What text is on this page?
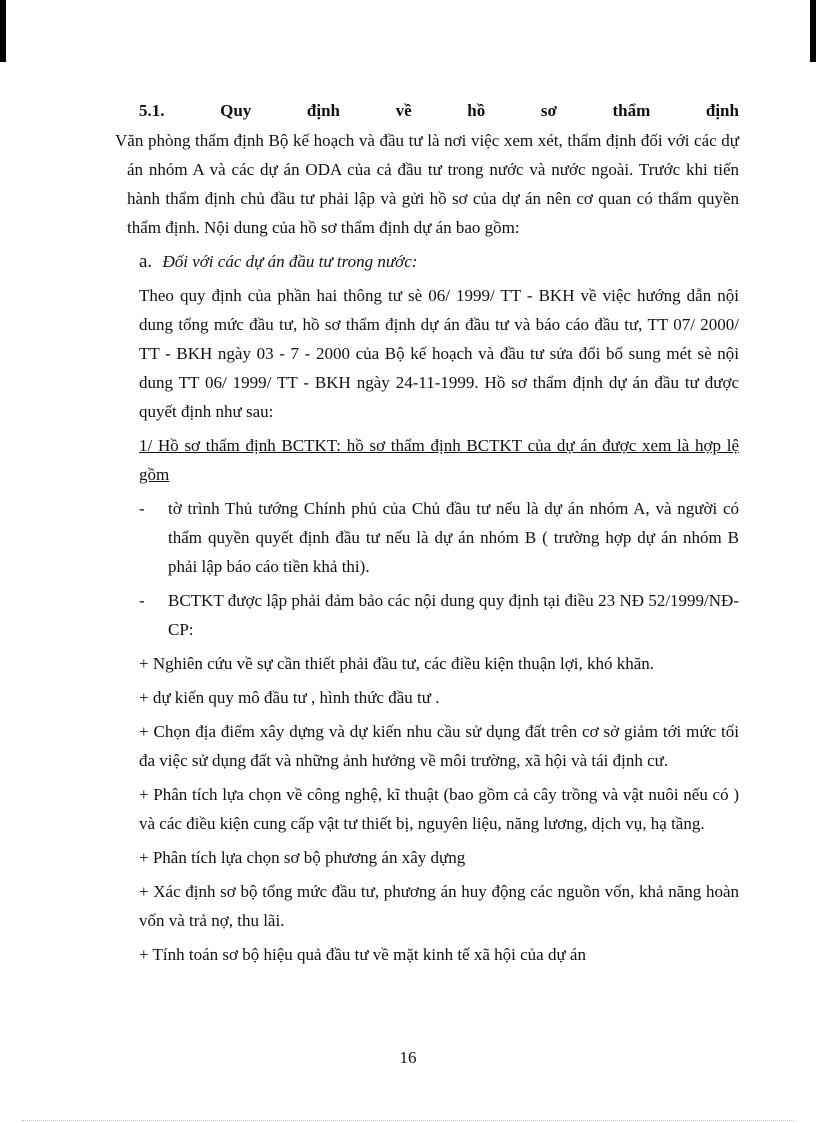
5.1.	Quy	định	về	hồ	sơ	thẩm	định

Văn phòng thẩm định Bộ kế hoạch và đầu tư là nơi việc xem xét, thẩm định đối với các dự án nhóm A và các dự án ODA của cả đầu tư trong nước và nước ngoài. Trước khi tiến hành thẩm định chủ đầu tư phải lập và gửi hồ sơ của dự án nên cơ quan có thẩm quyền thẩm định. Nội dung của hồ sơ thẩm định dự án bao gồm:

a. Đối với các dự án đầu tư trong nước:

Theo quy định của phần hai thông tư sè 06/ 1999/ TT - BKH về việc hướng dẫn nội dung tổng mức đầu tư, hồ sơ thẩm định dự án đầu tư và báo cáo đầu tư, TT 07/ 2000/ TT - BKH ngày 03 - 7 - 2000 của Bộ kế hoạch và đầu tư sửa đổi bổ sung mét sè nội dung TT 06/ 1999/ TT - BKH ngày 24-11-1999. Hồ sơ thẩm định dự án đầu tư được quyết định như sau:

1/ Hồ sơ thẩm định BCTKT: hồ sơ thẩm định BCTKT của dự án được xem là hợp lệ gồm

-	tờ trình Thủ tướng Chính phủ của Chủ đầu tư nếu là dự án nhóm A, và người có thẩm quyền quyết định đầu tư nếu là dự án nhóm B ( trường hợp dự án nhóm B phải lập báo cáo tiền khả thi).
-	BCTKT được lập phải đảm bảo các nội dung quy định tại điều 23 NĐ 52/1999/NĐ-CP:

+ Nghiên cứu về sự cần thiết phải đầu tư, các điều kiện thuận lợi, khó khăn.

+ dự kiến quy mô đầu tư , hình thức đầu tư .

+ Chọn địa điểm xây dựng và dự kiến nhu cầu sử dụng đất trên cơ sở giảm tới mức tối đa việc sử dụng đất và những ảnh hưởng về môi trường, xã hội và tái định cư.

+ Phân tích lựa chọn về công nghệ, kĩ thuật (bao gồm cả cây trồng và vật nuôi nếu có ) và các điều kiện cung cấp vật tư thiết bị, nguyên liệu, năng lương, dịch vụ, hạ tầng.

+ Phân tích lựa chọn sơ bộ phương án xây dựng

+ Xác định sơ bộ tổng mức đầu tư, phương án huy động các nguồn vốn, khả năng hoàn vốn và trả nợ, thu lãi.

+ Tính toán sơ bộ hiệu quả đầu tư về mặt kinh tế xã hội của dự án

16
